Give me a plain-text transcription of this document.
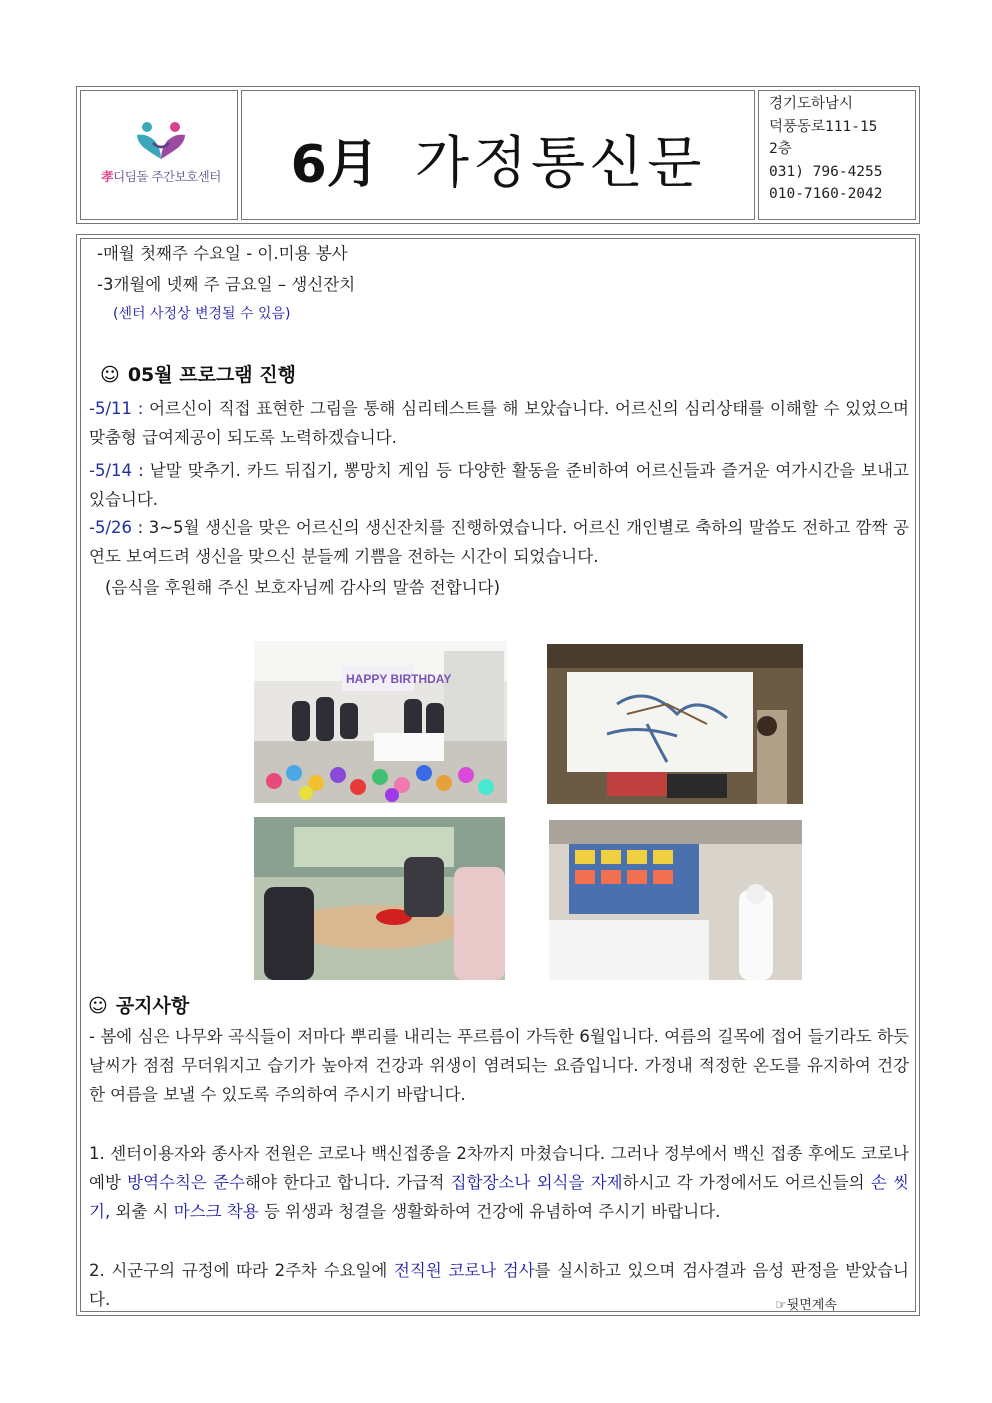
孝디딤돌 주간보호센터	6月 가정통신문
경기도하남시
덕풍동로111-15
2층
031) 796-4255
010-7160-2042
-매월 첫째주 수요일 - 이.미용 봉사
-3개월에 넷째 주 금요일 – 생신잔치
(센터 사정상 변경될 수 있음)
☺ 05월 프로그램 진행
-5/11 : 어르신이 직접 표현한 그림을 통해 심리테스트를 해 보았습니다. 어르신의 심리상태를 이해할 수 있었으며 맞춤형 급여제공이 되도록 노력하겠습니다.
-5/14 : 낱말 맞추기. 카드 뒤집기, 뽕망치 게임 등 다양한 활동을 준비하여 어르신들과 즐거운 여가시간을 보내고 있습니다.
-5/26 : 3~5월 생신을 맞은 어르신의 생신잔치를 진행하였습니다. 어르신 개인별로 축하의 말씀도 전하고 깜짝 공연도 보여드려 생신을 맞으신 분들께 기쁨을 전하는 시간이 되었습니다.
(음식을 후원해 주신 보호자님께 감사의 말씀 전합니다)
HAPPY BIRTHDAY
☺ 공지사항
- 봄에 심은 나무와 곡식들이 저마다 뿌리를 내리는 푸르름이 가득한 6월입니다. 여름의 길목에 접어 들기라도 하듯 날씨가 점점 무더워지고 습기가 높아져 건강과 위생이 염려되는 요즘입니다. 가정내 적정한 온도를 유지하여 건강한 여름을 보낼 수 있도록 주의하여 주시기 바랍니다.
1. 센터이용자와 종사자 전원은 코로나 백신접종을 2차까지 마쳤습니다. 그러나 정부에서 백신 접종 후에도 코로나 예방 방역수칙은 준수해야 한다고 합니다. 가급적 집합장소나 외식을 자제하시고 각 가정에서도 어르신들의 손 씻기, 외출 시 마스크 착용 등 위생과 청결을 생활화하여 건강에 유념하여 주시기 바랍니다.
2. 시군구의 규정에 따라 2주차 수요일에 전직원 코로나 검사를 실시하고 있으며 검사결과 음성 판정을 받았습니다.	☞뒷면계속
